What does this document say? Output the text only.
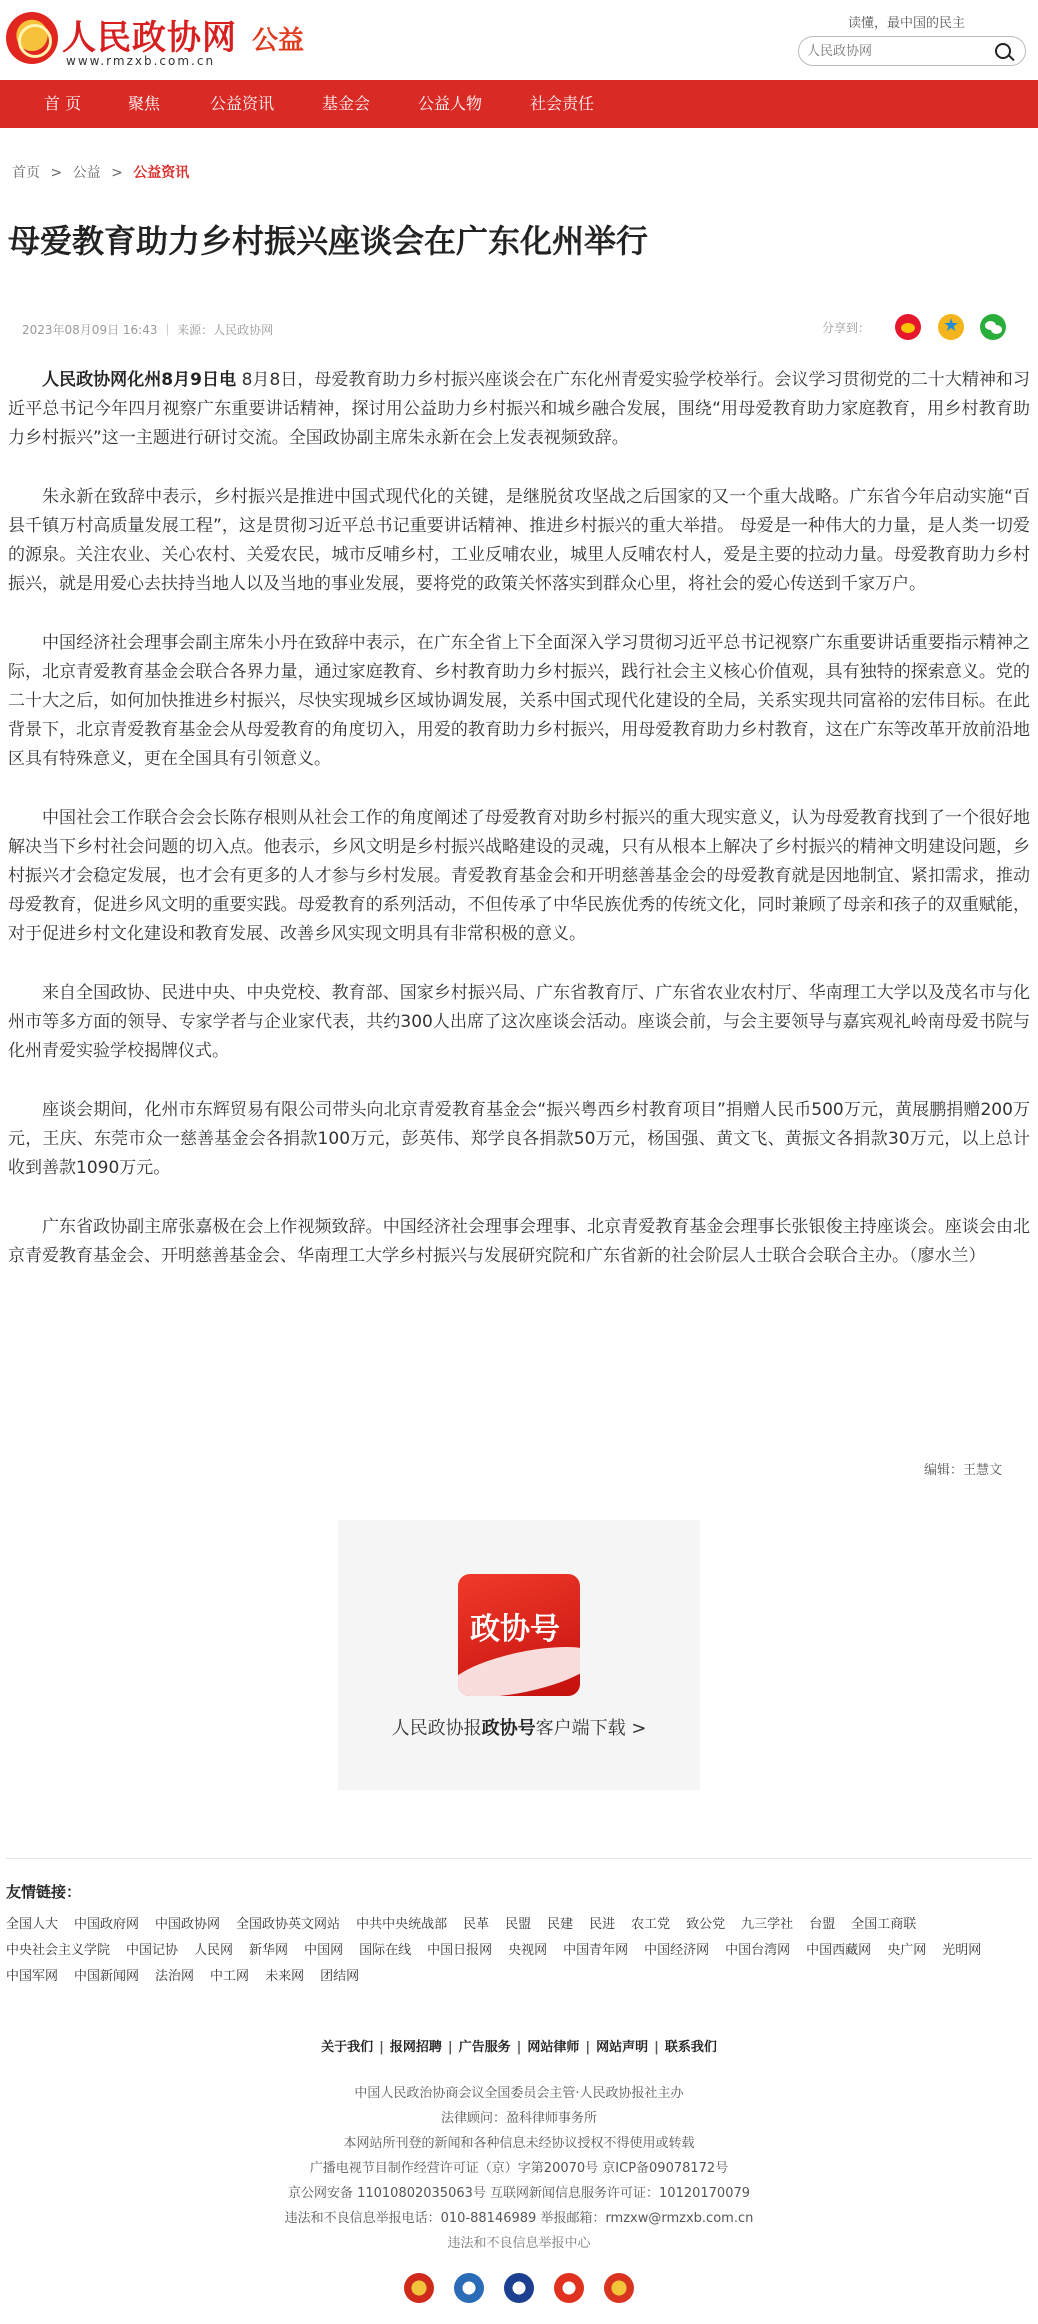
人民政协网
www.rmzxb.com.cn
公益
读懂，最中国的民主
人民政协网
首 页	聚焦	公益资讯	基金会	公益人物	社会责任
首页 > 公益 > 公益资讯
母爱教育助力乡村振兴座谈会在广东化州举行
2023年08月09日 16:43 ｜ 来源：人民政协网	分享到：
★

人民政协网化州8月9日电 8月8日，母爱教育助力乡村振兴座谈会在广东化州青爱实验学校举行。会议学习贯彻党的二十大精神和习近平总书记今年四月视察广东重要讲话精神，探讨用公益助力乡村振兴和城乡融合发展，围绕“用母爱教育助力家庭教育，用乡村教育助力乡村振兴”这一主题进行研讨交流。全国政协副主席朱永新在会上发表视频致辞。

朱永新在致辞中表示，乡村振兴是推进中国式现代化的关键，是继脱贫攻坚战之后国家的又一个重大战略。广东省今年启动实施“百县千镇万村高质量发展工程”，这是贯彻习近平总书记重要讲话精神、推进乡村振兴的重大举措。 母爱是一种伟大的力量，是人类一切爱的源泉。关注农业、关心农村、关爱农民，城市反哺乡村，工业反哺农业，城里人反哺农村人，爱是主要的拉动力量。母爱教育助力乡村振兴，就是用爱心去扶持当地人以及当地的事业发展，要将党的政策关怀落实到群众心里，将社会的爱心传送到千家万户。

中国经济社会理事会副主席朱小丹在致辞中表示，在广东全省上下全面深入学习贯彻习近平总书记视察广东重要讲话重要指示精神之际，北京青爱教育基金会联合各界力量，通过家庭教育、乡村教育助力乡村振兴，践行社会主义核心价值观，具有独特的探索意义。党的二十大之后，如何加快推进乡村振兴，尽快实现城乡区域协调发展，关系中国式现代化建设的全局，关系实现共同富裕的宏伟目标。在此背景下，北京青爱教育基金会从母爱教育的角度切入，用爱的教育助力乡村振兴，用母爱教育助力乡村教育，这在广东等改革开放前沿地区具有特殊意义，更在全国具有引领意义。

中国社会工作联合会会长陈存根则从社会工作的角度阐述了母爱教育对助乡村振兴的重大现实意义，认为母爱教育找到了一个很好地解决当下乡村社会问题的切入点。他表示，乡风文明是乡村振兴战略建设的灵魂，只有从根本上解决了乡村振兴的精神文明建设问题，乡村振兴才会稳定发展，也才会有更多的人才参与乡村发展。青爱教育基金会和开明慈善基金会的母爱教育就是因地制宜、紧扣需求，推动母爱教育，促进乡风文明的重要实践。母爱教育的系列活动，不但传承了中华民族优秀的传统文化，同时兼顾了母亲和孩子的双重赋能，对于促进乡村文化建设和教育发展、改善乡风实现文明具有非常积极的意义。

来自全国政协、民进中央、中央党校、教育部、国家乡村振兴局、广东省教育厅、广东省农业农村厅、华南理工大学以及茂名市与化州市等多方面的领导、专家学者与企业家代表，共约300人出席了这次座谈会活动。座谈会前，与会主要领导与嘉宾观礼岭南母爱书院与化州青爱实验学校揭牌仪式。

座谈会期间，化州市东辉贸易有限公司带头向北京青爱教育基金会“振兴粤西乡村教育项目”捐赠人民币500万元，黄展鹏捐赠200万元，王庆、东莞市众一慈善基金会各捐款100万元，彭英伟、郑学良各捐款50万元，杨国强、黄文飞、黄振文各捐款30万元，以上总计收到善款1090万元。

广东省政协副主席张嘉极在会上作视频致辞。中国经济社会理事会理事、北京青爱教育基金会理事长张银俊主持座谈会。座谈会由北京青爱教育基金会、开明慈善基金会、华南理工大学乡村振兴与发展研究院和广东省新的社会阶层人士联合会联合主办。（廖水兰）

编辑：王慧文
政协号
人民政协报政协号客户端下载 >
友情链接：
全国人大 中国政府网 中国政协网 全国政协英文网站 中共中央统战部 民革 民盟 民建 民进 农工党 致公党 九三学社 台盟 全国工商联中央社会主义学院 中国记协 人民网 新华网 中国网 国际在线 中国日报网 央视网 中国青年网 中国经济网 中国台湾网 中国西藏网 央广网 光明网中国军网 中国新闻网 法治网 中工网 未来网 团结网
关于我们 | 报网招聘 | 广告服务 | 网站律师 | 网站声明 | 联系我们
中国人民政治协商会议全国委员会主管·人民政协报社主办
法律顾问：盈科律师事务所
本网站所刊登的新闻和各种信息未经协议授权不得使用或转载
广播电视节目制作经营许可证（京）字第20070号 京ICP备09078172号
京公网安备 11010802035063号 互联网新闻信息服务许可证：10120170079
违法和不良信息举报电话：010-88146989 举报邮箱：rmzxw@rmzxb.com.cn
违法和不良信息举报中心
